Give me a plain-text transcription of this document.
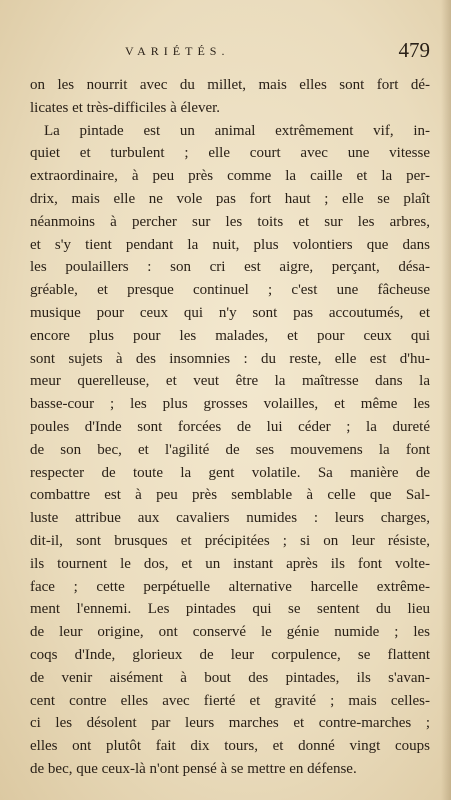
VARIÉTÉS.	479
on les nourrit avec du millet, mais elles sont fort dé-
licates et très-difficiles à élever.
La pintade est un animal extrêmement vif, in-
quiet et turbulent ; elle court avec une vitesse
extraordinaire, à peu près comme la caille et la per-
drix, mais elle ne vole pas fort haut ; elle se plaît
néanmoins à percher sur les toits et sur les arbres,
et s'y tient pendant la nuit, plus volontiers que dans
les poulaillers : son cri est aigre, perçant, désa-
gréable, et presque continuel ; c'est une fâcheuse
musique pour ceux qui n'y sont pas accoutumés, et
encore plus pour les malades, et pour ceux qui
sont sujets à des insomnies : du reste, elle est d'hu-
meur querelleuse, et veut être la maîtresse dans la
basse-cour ; les plus grosses volailles, et même les
poules d'Inde sont forcées de lui céder ; la dureté
de son bec, et l'agilité de ses mouvemens la font
respecter de toute la gent volatile. Sa manière de
combattre est à peu près semblable à celle que Sal-
luste attribue aux cavaliers numides : leurs charges,
dit-il, sont brusques et précipitées ; si on leur résiste,
ils tournent le dos, et un instant après ils font volte-
face ; cette perpétuelle alternative harcelle extrême-
ment l'ennemi. Les pintades qui se sentent du lieu
de leur origine, ont conservé le génie numide ; les
coqs d'Inde, glorieux de leur corpulence, se flattent
de venir aisément à bout des pintades, ils s'avan-
cent contre elles avec fierté et gravité ; mais celles-
ci les désolent par leurs marches et contre-marches ;
elles ont plutôt fait dix tours, et donné vingt coups
de bec, que ceux-là n'ont pensé à se mettre en défense.
